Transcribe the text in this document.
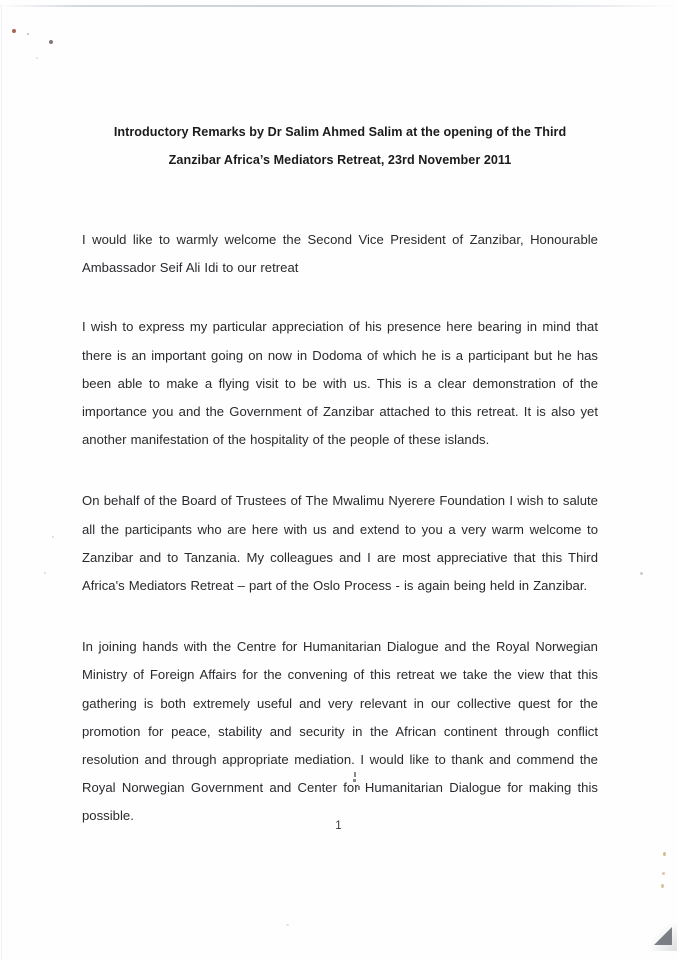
Introductory Remarks by Dr Salim Ahmed Salim at the opening of the Third
Zanzibar Africa’s Mediators Retreat, 23rd November 2011

I would like to warmly welcome the Second Vice President of Zanzibar, Honourable Ambassador Seif Ali Idi to our retreat

I wish to express my particular appreciation of his presence here bearing in mind that there is an important going on now in Dodoma of which he is a participant but he has been able to make a flying visit to be with us. This is a clear demonstration of the importance you and the Government of Zanzibar attached to this retreat. It is also yet another manifestation of the hospitality of the people of these islands.

On behalf of the Board of Trustees of The Mwalimu Nyerere Foundation I wish to salute all the participants who are here with us and extend to you a very warm welcome to Zanzibar and to Tanzania. My colleagues and I are most appreciative that this Third Africa's Mediators Retreat – part of the Oslo Process - is again being held in Zanzibar.

In joining hands with the Centre for Humanitarian Dialogue and the Royal Norwegian Ministry of Foreign Affairs for the convening of this retreat we take the view that this gathering is both extremely useful and very relevant in our collective quest for the promotion for peace, stability and security in the African continent through conflict resolution and through appropriate mediation. I would like to thank and commend the Royal Norwegian Government and Center for Humanitarian Dialogue for making this possible.

1
